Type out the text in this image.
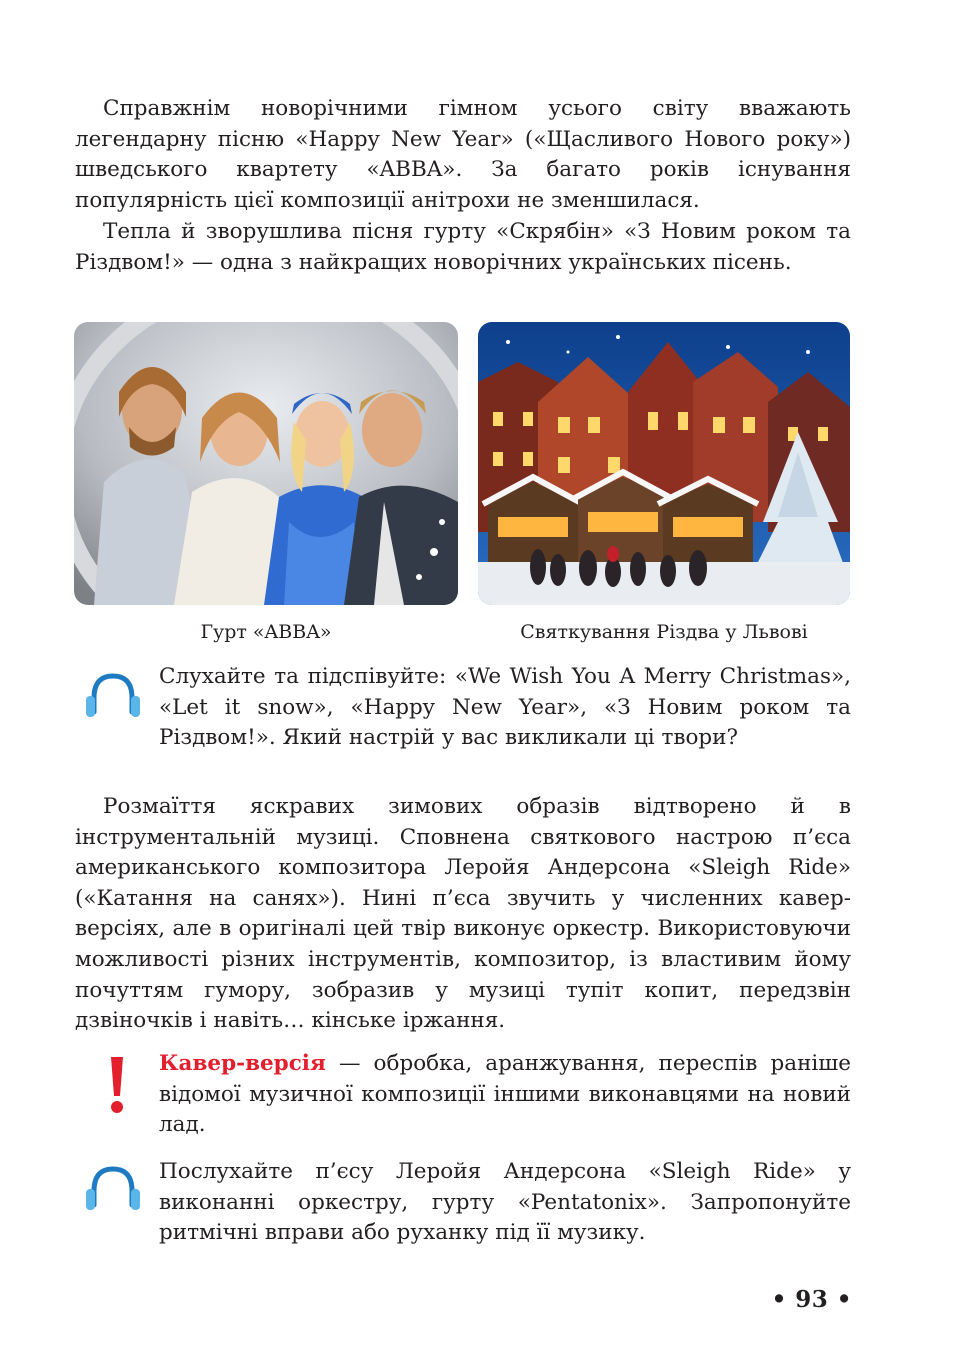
Справжнім новорічними гімном усього світу вважають легендарну пісню «Happy New Year» («Щасливого Нового року») шведського квартету «ABBA». За багато років існування популярність цієї композиції анітрохи не зменшилася.

Тепла й зворушлива пісня гурту «Скрябін» «З Новим роком та Різдвом!» — одна з найкращих новорічних українських пісень.

Гурт «ABBA»	Святкування Різдва у Львові

Слухайте та підспівуйте: «We Wish You A Merry Christmas», «Let it snow», «Happy New Year», «З Новим роком та Різдвом!». Який настрій у вас викликали ці твори?

Розмаїття яскравих зимових образів відтворено й в інструментальній музиці. Сповнена святкового настрою п’єса американського композитора Леройя Андерсона «Sleigh Ride» («Катання на санях»). Нині п’єса звучить у численних кавер-версіях, але в оригіналі цей твір виконує оркестр. Використовуючи можливості різних інструментів, композитор, із властивим йому почуттям гумору, зобразив у музиці тупіт копит, передзвін дзвіночків і навіть… кінське іржання.

Кавер-версія — обробка, аранжування, переспів раніше відомої музичної композиції іншими виконавцями на новий лад.

Послухайте п’єсу Леройя Андерсона «Sleigh Ride» у виконанні оркестру, гурту «Pentatonix». Запропонуйте ритмічні вправи або руханку під її музику.

• 93 •
